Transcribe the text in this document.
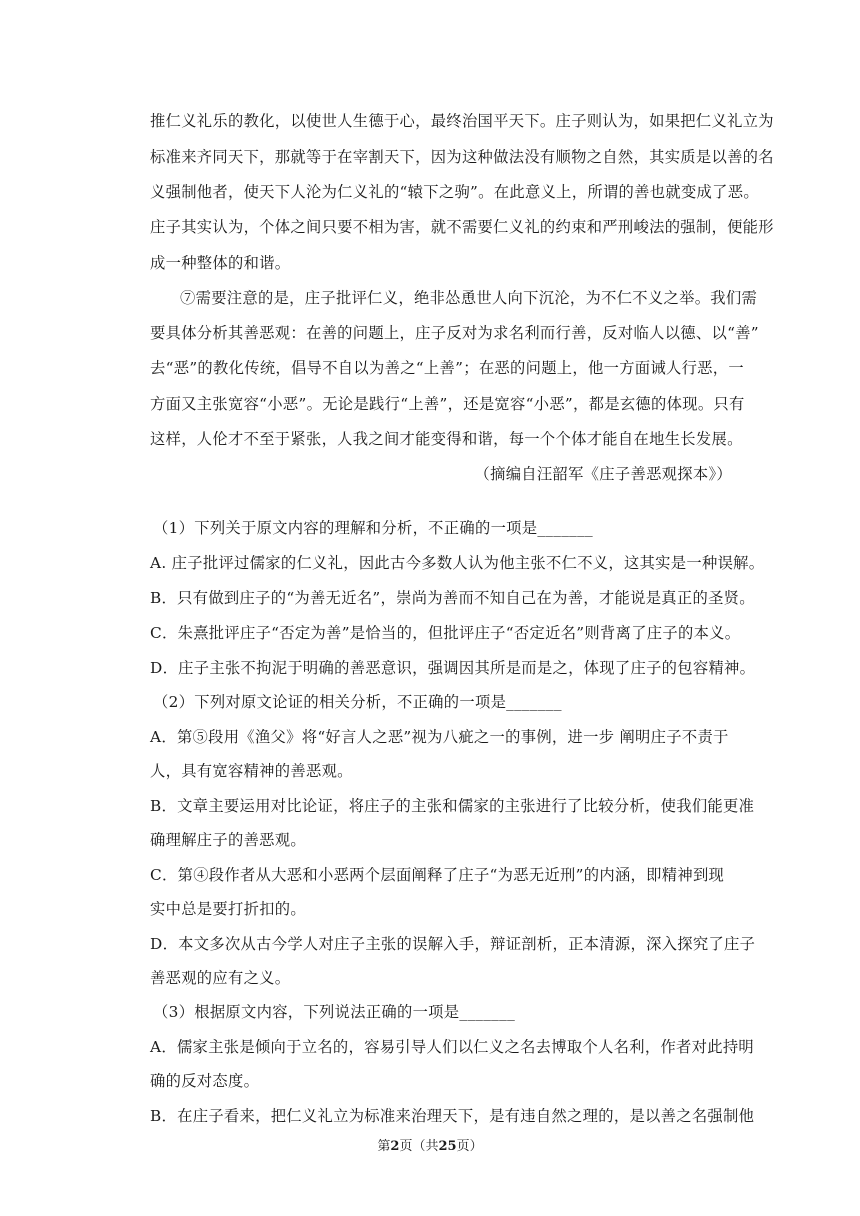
推仁义礼乐的教化，以使世人生德于心，最终治国平天下。庄子则认为，如果把仁义礼立为
标准来齐同天下，那就等于在宰割天下，因为这种做法没有顺物之自然，其实质是以善的名
义强制他者，使天下人沦为仁义礼的“辕下之驹”。在此意义上，所谓的善也就变成了恶。
庄子其实认为，个体之间只要不相为害，就不需要仁义礼的约束和严刑峻法的强制，便能形
成一种整体的和谐。
⑦需要注意的是，庄子批评仁义，绝非怂恿世人向下沉沦，为不仁不义之举。我们需
要具体分析其善恶观：在善的问题上，庄子反对为求名利而行善，反对临人以德、以“善”
去“恶”的教化传统，倡导不自以为善之“上善”；在恶的问题上，他一方面诫人行恶，一
方面又主张宽容“小恶”。无论是践行“上善”，还是宽容“小恶”，都是玄德的体现。只有
这样，人伦才不至于紧张，人我之间才能变得和谐，每一个个体才能自在地生长发展。
（摘编自汪韶军《庄子善恶观探本》）
（1）下列关于原文内容的理解和分析，不正确的一项是_______
A. 庄子批评过儒家的仁义礼，因此古今多数人认为他主张不仁不义，这其实是一种误解。
B．只有做到庄子的“为善无近名”，崇尚为善而不知自己在为善，才能说是真正的圣贤。
C．朱熹批评庄子“否定为善”是恰当的，但批评庄子“否定近名”则背离了庄子的本义。
D．庄子主张不拘泥于明确的善恶意识，强调因其所是而是之，体现了庄子的包容精神。
（2）下列对原文论证的相关分析，不正确的一项是_______
A．第⑤段用《渔父》将“好言人之恶”视为八疵之一的事例，进一步 阐明庄子不责于
人，具有宽容精神的善恶观。
B．文章主要运用对比论证，将庄子的主张和儒家的主张进行了比较分析，使我们能更准
确理解庄子的善恶观。
C．第④段作者从大恶和小恶两个层面阐释了庄子“为恶无近刑”的内涵，即精神到现
实中总是要打折扣的。
D．本文多次从古今学人对庄子主张的误解入手，辩证剖析，正本清源，深入探究了庄子
善恶观的应有之义。
（3）根据原文内容，下列说法正确的一项是_______
A．儒家主张是倾向于立名的，容易引导人们以仁义之名去博取个人名利，作者对此持明
确的反对态度。
B．在庄子看来，把仁义礼立为标准来治理天下，是有违自然之理的，是以善之名强制他
第2页（共25页）
